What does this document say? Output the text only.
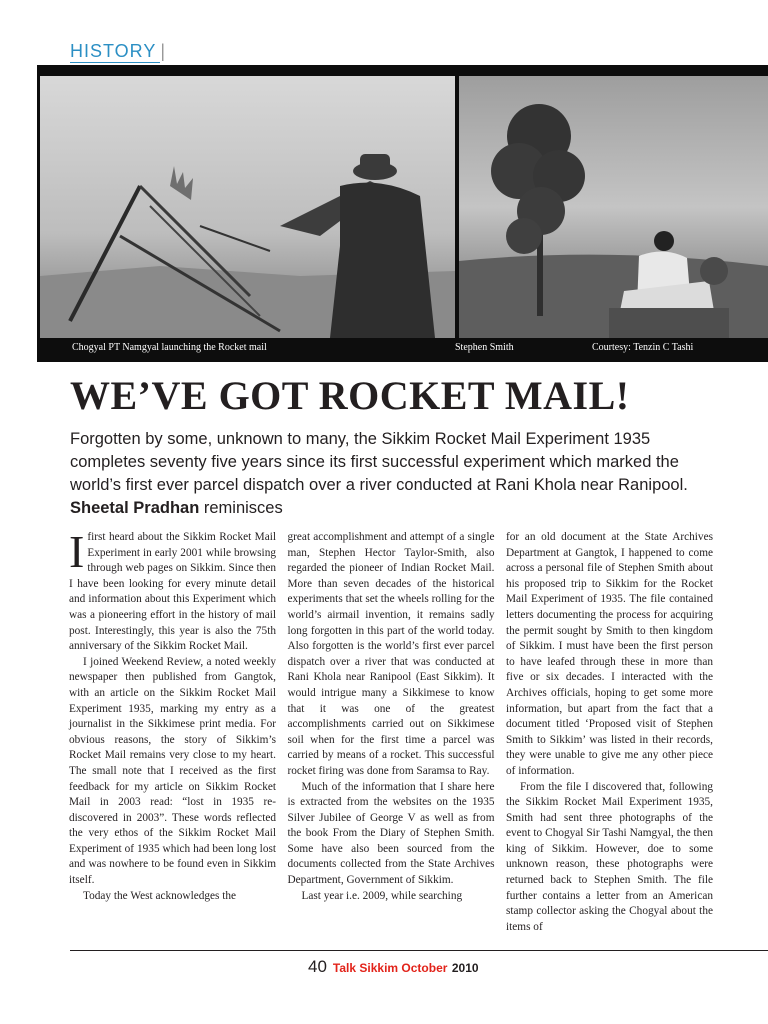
HISTORY |
Chogyal PT Namgyal launching the Rocket mail	Stephen Smith	Courtesy: Tenzin C Tashi
WE’VE GOT ROCKET MAIL!

Forgotten by some, unknown to many, the Sikkim Rocket Mail Experiment 1935 completes seventy five years since its first successful experiment which marked the world’s first ever parcel dispatch over a river conducted at Rani Khola near Ranipool. Sheetal Pradhan reminisces

Ifirst heard about the Sikkim Rocket Mail Experiment in early 2001 while browsing through web pages on Sikkim. Since then I have been looking for every minute detail and information about this Experiment which was a pioneering effort in the history of mail post. Interestingly, this year is also the 75th anniversary of the Sikkim Rocket Mail.

I joined Weekend Review, a noted weekly newspaper then published from Gangtok, with an article on the Sikkim Rocket Mail Experiment 1935, marking my entry as a journalist in the Sikkimese print media. For obvious reasons, the story of Sikkim’s Rocket Mail remains very close to my heart. The small note that I received as the first feedback for my article on Sikkim Rocket Mail in 2003 read: “lost in 1935 re-discovered in 2003”. These words reflected the very ethos of the Sikkim Rocket Mail Experiment of 1935 which had been long lost and was nowhere to be found even in Sikkim itself.

Today the West acknowledges the

great accomplishment and attempt of a single man, Stephen Hector Taylor-Smith, also regarded the pioneer of Indian Rocket Mail. More than seven decades of the historical experiments that set the wheels rolling for the world’s airmail invention, it remains sadly long forgotten in this part of the world today. Also forgotten is the world’s first ever parcel dispatch over a river that was conducted at Rani Khola near Ranipool (East Sikkim). It would intrigue many a Sikkimese to know that it was one of the greatest accomplishments carried out on Sikkimese soil when for the first time a parcel was carried by means of a rocket. This successful rocket firing was done from Saramsa to Ray.

Much of the information that I share here is extracted from the websites on the 1935 Silver Jubilee of George V as well as from the book From the Diary of Stephen Smith. Some have also been sourced from the documents collected from the State Archives Department, Government of Sikkim.

Last year i.e. 2009, while searching

for an old document at the State Archives Department at Gangtok, I happened to come across a personal file of Stephen Smith about his proposed trip to Sikkim for the Rocket Mail Experiment of 1935. The file contained letters documenting the process for acquiring the permit sought by Smith to then kingdom of Sikkim. I must have been the first person to have leafed through these in more than five or six decades. I interacted with the Archives officials, hoping to get some more information, but apart from the fact that a document titled ‘Proposed visit of Stephen Smith to Sikkim’ was listed in their records, they were unable to give me any other piece of information.

From the file I discovered that, following the Sikkim Rocket Mail Experiment 1935, Smith had sent three photographs of the event to Chogyal Sir Tashi Namgyal, the then king of Sikkim. However, doe to some unknown reason, these photographs were returned back to Stephen Smith. The file further contains a letter from an American stamp collector asking the Chogyal about the items of

40 Talk Sikkim October 2010
